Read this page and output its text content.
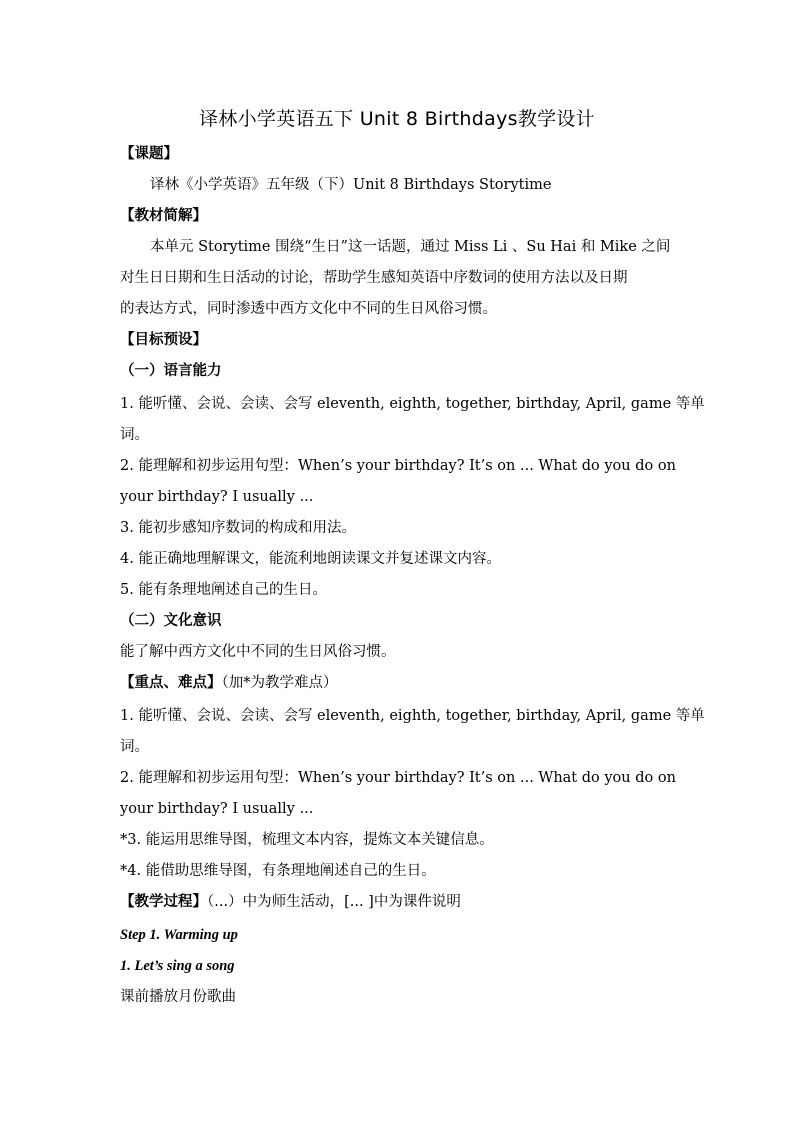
译林小学英语五下 Unit 8 Birthdays教学设计
【课题】
译林《小学英语》五年级（下）Unit 8 Birthdays Storytime
【教材简解】
本单元 Storytime 围绕“生日”这一话题，通过 Miss Li 、Su Hai 和 Mike 之间
对生日日期和生日活动的讨论，帮助学生感知英语中序数词的使用方法以及日期
的表达方式，同时渗透中西方文化中不同的生日风俗习惯。
【目标预设】
（一）语言能力
1. 能听懂、会说、会读、会写 eleventh, eighth, together, birthday, April, game 等单
词。
2. 能理解和初步运用句型：When’s your birthday? It’s on ... What do you do on
your birthday? I usually ...
3. 能初步感知序数词的构成和用法。
4. 能正确地理解课文，能流利地朗读课文并复述课文内容。
5. 能有条理地阐述自己的生日。
（二）文化意识
能了解中西方文化中不同的生日风俗习惯。
【重点、难点】（加*为教学难点）
1. 能听懂、会说、会读、会写 eleventh, eighth, together, birthday, April, game 等单
词。
2. 能理解和初步运用句型：When’s your birthday? It’s on ... What do you do on
your birthday? I usually ...
*3. 能运用思维导图，梳理文本内容，提炼文本关键信息。
*4. 能借助思维导图，有条理地阐述自己的生日。
【教学过程】（...）中为师生活动，[... ]中为课件说明
Step 1. Warming up
1. Let’s sing a song
课前播放月份歌曲
